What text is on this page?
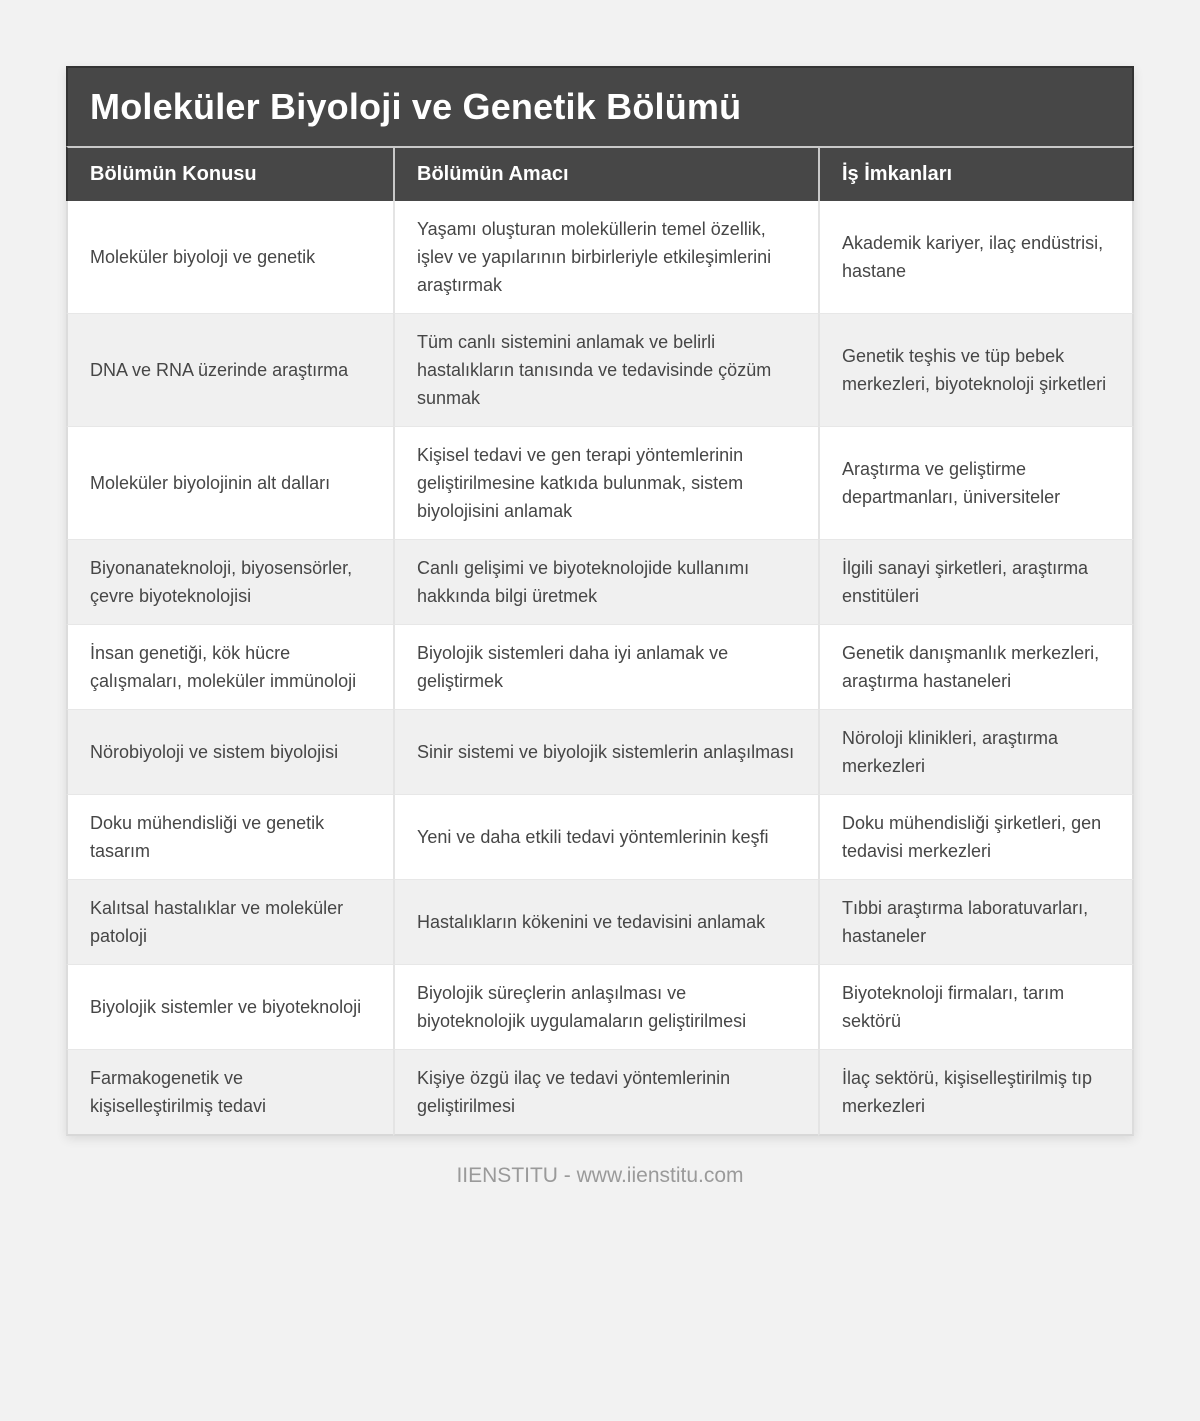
Moleküler Biyoloji ve Genetik Bölümü		
Bölümün Konusu	Bölümün Amacı	İş İmkanları
Moleküler biyoloji ve genetik	Yaşamı oluşturan moleküllerin temel özellik, işlev ve yapılarının birbirleriyle etkileşimlerini araştırmak	Akademik kariyer, ilaç endüstrisi, hastane
DNA ve RNA üzerinde araştırma	Tüm canlı sistemini anlamak ve belirli hastalıkların tanısında ve tedavisinde çözüm sunmak	Genetik teşhis ve tüp bebek merkezleri, biyoteknoloji şirketleri
Moleküler biyolojinin alt dalları	Kişisel tedavi ve gen terapi yöntemlerinin geliştirilmesine katkıda bulunmak, sistem biyolojisini anlamak	Araştırma ve geliştirme departmanları, üniversiteler
Biyonanateknoloji, biyosensörler, çevre biyoteknolojisi	Canlı gelişimi ve biyoteknolojide kullanımı hakkında bilgi üretmek	İlgili sanayi şirketleri, araştırma enstitüleri
İnsan genetiği, kök hücre çalışmaları, moleküler immünoloji	Biyolojik sistemleri daha iyi anlamak ve geliştirmek	Genetik danışmanlık merkezleri, araştırma hastaneleri
Nörobiyoloji ve sistem biyolojisi	Sinir sistemi ve biyolojik sistemlerin anlaşılması	Nöroloji klinikleri, araştırma merkezleri
Doku mühendisliği ve genetik tasarım	Yeni ve daha etkili tedavi yöntemlerinin keşfi	Doku mühendisliği şirketleri, gen tedavisi merkezleri
Kalıtsal hastalıklar ve moleküler patoloji	Hastalıkların kökenini ve tedavisini anlamak	Tıbbi araştırma laboratuvarları, hastaneler
Biyolojik sistemler ve biyoteknoloji	Biyolojik süreçlerin anlaşılması ve biyoteknolojik uygulamaların geliştirilmesi	Biyoteknoloji firmaları, tarım sektörü
Farmakogenetik ve kişiselleştirilmiş tedavi	Kişiye özgü ilaç ve tedavi yöntemlerinin geliştirilmesi	İlaç sektörü, kişiselleştirilmiş tıp merkezleri
IIENSTITU - www.iienstitu.com
